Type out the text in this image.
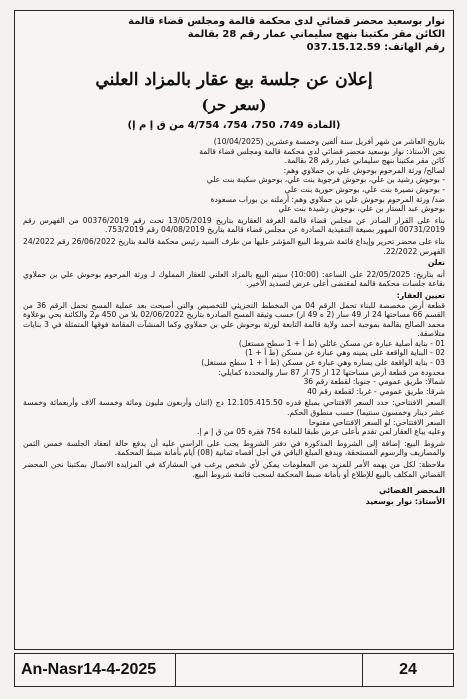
نوار بوسعيد محضر قضائي لدى محكمة قالمة ومجلس قضاء قالمة
الكائن مقر مكتبنا بنهج سليماني عمار رقم 28 بقالمة
رقم الهاتف: 037.15.12.59
إعلان عن جلسة بيع عقار بالمزاد العلني
(سعر حر)
(المادة 749، 750، 754، 4/754 من ق إ م إ)

بتاريخ العاشر من شهر أفريل سنة ألفين وخمسة وعشرين (10/04/2025)

نحن الأستاذ: نوار بوسعيد محضر قضائي لدى محكمة قالمة ومجلس قضاء قالمة

كائن مقر مكتبنا بنهج سليماني عمار رقم 28 بقالمة.

لصالح/ ورثة المرحوم بوحوش علي بن حملاوي وهم:

- بوحوش رشيد بن علي، بوحوش فرجوية بنت علي، بوحوش سكينة بنت علي

- بوحوش نصيرة بنت علي، بوحوش حورية بنت علي

ضد/ ورثة المرحوم بوحوش علي بن حملاوي وهم: أرملته بن بوراب مسعودة

بوحوش عبد الستار بن علي، بوحوش رشيدة بنت علي

بناء على القرار الصادر عن مجلس قضاء قالمة الغرفة العقارية بتاريخ 13/05/2019 تحت رقم 00376/2019 من الفهرس رقم 00731/2019 المهور بصيغة التنفيذية الصادرة عن مجلس قضاء قالمة بتاريخ 04/08/2019 رقم 753/2019.

بناء على محضر تحرير وإيداع قائمة شروط البيع المؤشر عليها من طرف السيد رئيس محكمة قالمة بتاريخ 26/06/2022 رقم 24/2022 الفهرس 22/2022.

نعلن

أنه بتاريخ: 22/05/2025 على الساعة: (10:00) سيتم البيع بالمزاد العلني للعقار المملوك لـ ورثة المرحوم بوحوش علي بن حملاوي بقاعة جلسات محكمة قالمة لمقتضى أعلى عرض لتسديد الأخير.

تعيين العقار:

قطعة أرض مخصصة للبناء تحمل الرقم 04 من المخطط التجزيئي للتخصيص والتي أصبحت بعد عملية المسح تحمل الرقم 36 من القسم 66 مساحتها 24 ار 49 سار (2 ه 49 ار) حسب وثيقة المسح الصادرة بتاريخ 02/06/2022 بلا من 450 م2 والكائنة بحي بوعلاوة محمد الصالح بقالمة بموجبة أحمد ولاية قالمة التابعة لورثة بوحوش علي بن حملاوي وكما المنشآت المقامة فوقها المتمثلة في 3 بنايات متلاصقة.

01 - بناية أصلية عبارة عن مسكن عائلي (ط أ + 1 سطح مستغل)

02 - البناية الواقعة على يمينه وهي عبارة عن مسكن (ط أ + 1)

03 - بناية الواقعة على يساره وهي عبارة عن مسكن (ط أ + 1 سطح مستغل)

محدودة من قطعة أرض مساحتها 12 ار 75 ار 87 سار والمحددة كمايلي:

شمالا: طريق عمومي - جنوبا: لقطعة رقم 36

شرقا: طريق عمومي - غربا: لقطعة رقم 40

السعر الافتتاحي: حدد السعر الافتتاحي بمبلغ قدره 12.105.415.50 دج (اثنان وأربعون مليون ومائة وخمسة آلاف وأربعمائة وخمسة عشر دينار وخمسون سنتيما) حسب منطوق الحكم.

السعر الافتتاحي: لو السعر الافتتاحي مفتوحا

وعليه يباع العقار لمن تقدم بأعلى عرض طبقا للمادة 754 فقرة 05 من ق إ م إ.

شروط البيع: إضافة إلى الشروط المذكورة في دفتر الشروط يجب على الراسي عليه أن يدفع حالة انعقاد الجلسة خمس الثمن والمصاريف والرسوم المستحقة، ويدفع المبلغ الباقي في أجل أقصاه ثمانية (08) أيام بأمانة ضبط المحكمة.

ملاحظة: لكل من يهمه الأمر للمزيد من المعلومات يمكن لأي شخص يرغب في المشاركة في المزايدة الاتصال بمكتبنا نحن المحضر القضائي المكلف بالبيع للإطلاع أو بأمانة ضبط المحكمة لسحب قائمة شروط البيع.

المحضر القضائي
الأستاذ: نوار بوسعيد
An-Nasr14-4-2025	24
